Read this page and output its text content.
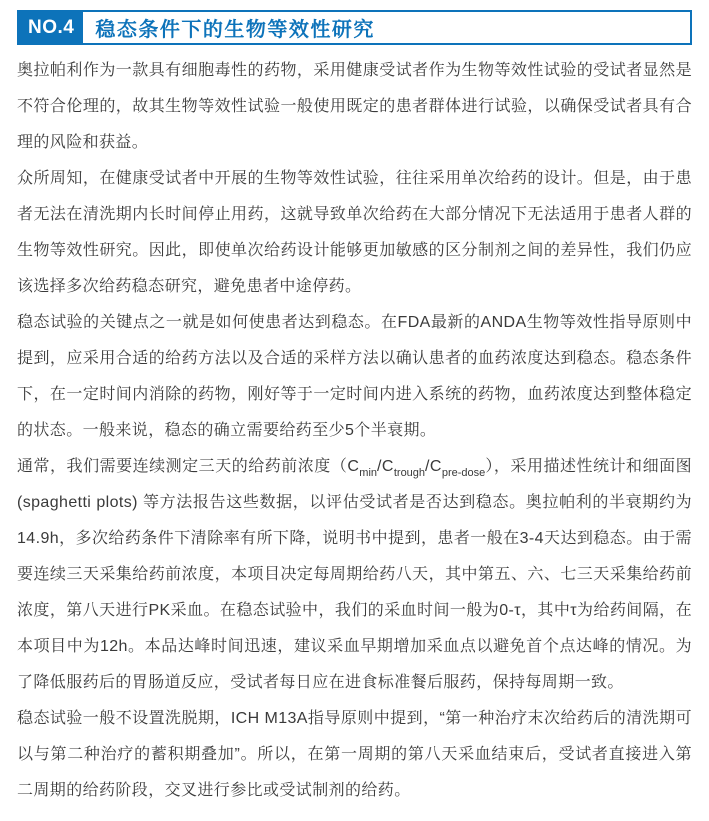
NO.4	稳态条件下的生物等效性研究

奥拉帕利作为一款具有细胞毒性的药物，采用健康受试者作为生物等效性试验的受试者显然是不符合伦理的，故其生物等效性试验一般使用既定的患者群体进行试验，以确保受试者具有合理的风险和获益。

众所周知，在健康受试者中开展的生物等效性试验，往往采用单次给药的设计。但是，由于患者无法在清洗期内长时间停止用药，这就导致单次给药在大部分情况下无法适用于患者人群的生物等效性研究。因此，即使单次给药设计能够更加敏感的区分制剂之间的差异性，我们仍应该选择多次给药稳态研究，避免患者中途停药。

稳态试验的关键点之一就是如何使患者达到稳态。在FDA最新的ANDA生物等效性指导原则中提到，应采用合适的给药方法以及合适的采样方法以确认患者的血药浓度达到稳态。稳态条件下，在一定时间内消除的药物，刚好等于一定时间内进入系统的药物，血药浓度达到整体稳定的状态。一般来说，稳态的确立需要给药至少5个半衰期。

通常，我们需要连续测定三天的给药前浓度$(C_{min}/C_{trough}/C_{pre-dose})$，采用描述性统计和细面图 (spaghetti plots) 等方法报告这些数据，以评估受试者是否达到稳态。奥拉帕利的半衰期约为14.9h，多次给药条件下清除率有所下降，说明书中提到，患者一般在3-4天达到稳态。由于需要连续三天采集给药前浓度，本项目决定每周期给药八天，其中第五、六、七三天采集给药前浓度，第八天进行PK采血。在稳态试验中，我们的采血时间一般为0-τ，其中τ为给药间隔，在本项目中为12h。本品达峰时间迅速，建议采血早期增加采血点以避免首个点达峰的情况。为了降低服药后的胃肠道反应，受试者每日应在进食标准餐后服药，保持每周期一致。

稳态试验一般不设置洗脱期，ICH M13A指导原则中提到，“第一种治疗末次给药后的清洗期可以与第二种治疗的蓄积期叠加”。所以，在第一周期的第八天采血结束后，受试者直接进入第二周期的给药阶段，交叉进行参比或受试制剂的给药。
